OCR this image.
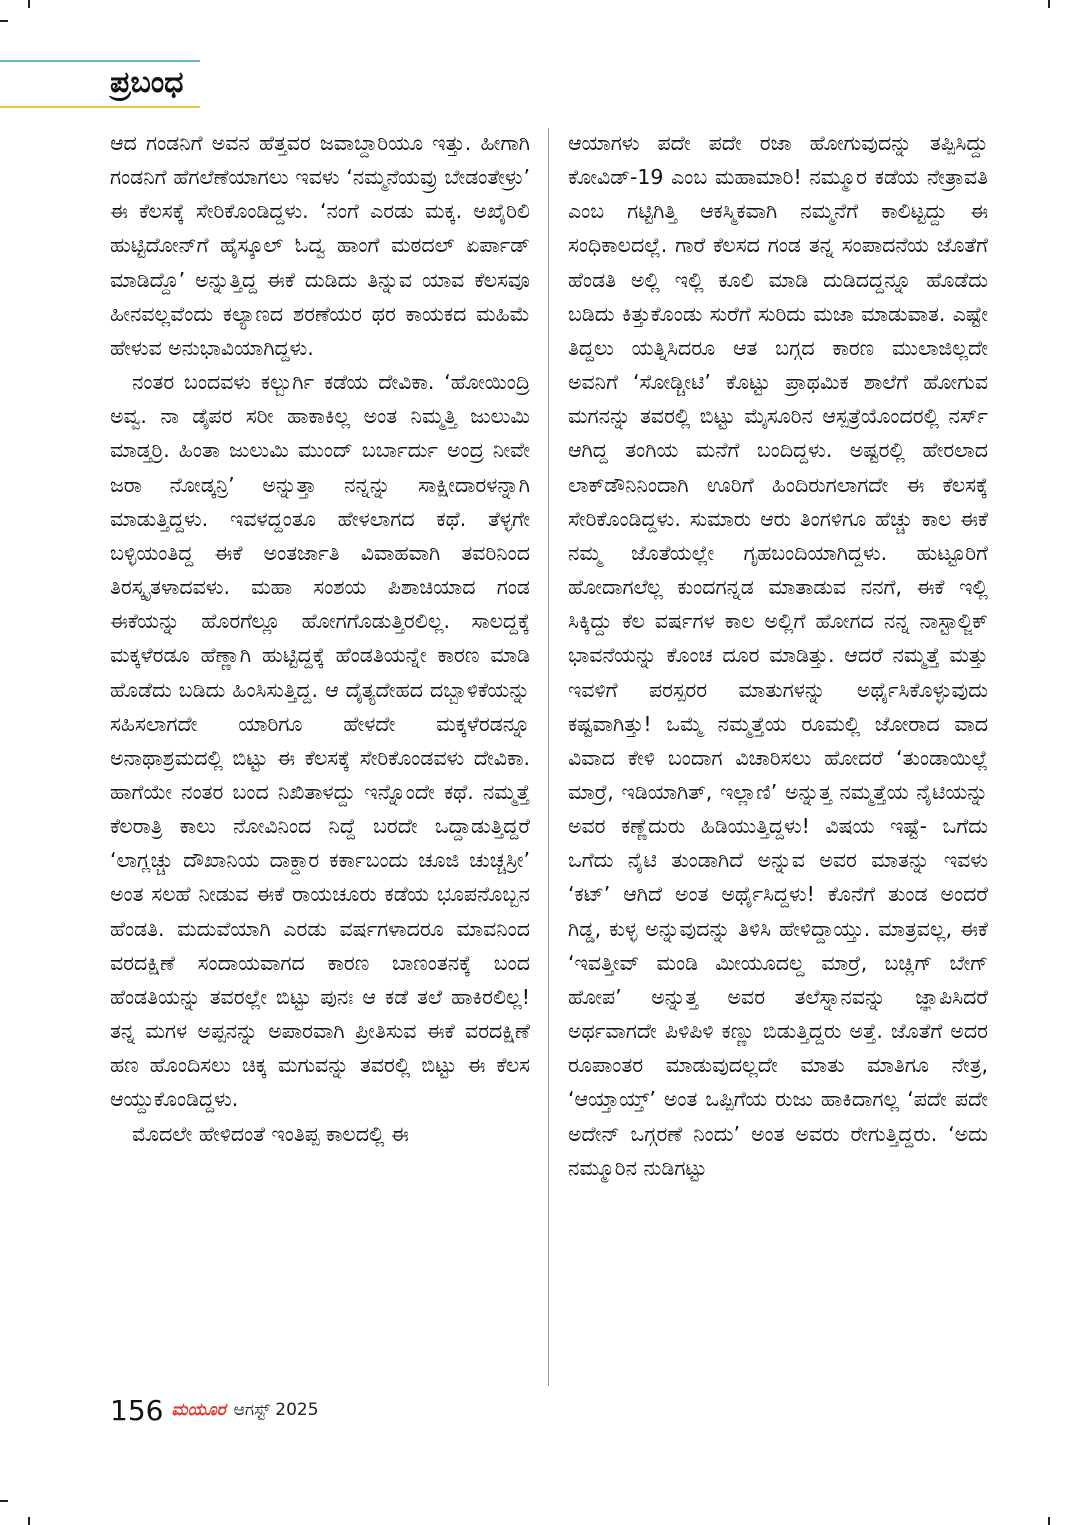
ಪ್ರಬಂಧ

ಆದ ಗಂಡನಿಗೆ ಅವನ ಹೆತ್ತವರ ಜವಾಬ್ದಾರಿಯೂ ಇತ್ತು. ಹೀಗಾಗಿ ಗಂಡನಿಗೆ ಹೆಗಲೆಣೆಯಾಗಲು ಇವಳು ‘ನಮ್ಮನೆಯವ್ರು ಬೇಡಂತೇಳ್ರು’ ಈ ಕೆಲಸಕ್ಕೆ ಸೇರಿಕೊಂಡಿದ್ದಳು. ‘ನಂಗೆ ಎರಡು ಮಕ್ಕ. ಅಖೈರಿಲಿ ಹುಟ್ಟಿದೋನ್‌ಗೆ ಹೈಸ್ಕೂಲ್ ಓದ್ವ ಹಾಂಗೆ ಮಠದಲ್ ಏರ್ಪಾಡ್ ಮಾಡಿದ್ದೊ’ ಅನ್ನುತ್ತಿದ್ದ ಈಕೆ ದುಡಿದು ತಿನ್ನುವ ಯಾವ ಕೆಲಸವೂ ಹೀನವಲ್ಲವೆಂದು ಕಲ್ಯಾಣದ ಶರಣೆಯರ ಥರ ಕಾಯಕದ ಮಹಿಮೆ ಹೇಳುವ ಅನುಭಾವಿಯಾಗಿದ್ದಳು.

ನಂತರ ಬಂದವಳು ಕಲ್ಬುರ್ಗಿ ಕಡೆಯ ದೇವಿಕಾ. ‘ಹೋಯಿಂದ್ರಿ ಅವ್ವ. ನಾ ಡೈಪರ ಸರೀ ಹಾಕಾಕಿಲ್ಲ ಅಂತ ನಿಮ್ಮತ್ತಿ ಜುಲುಮಿ ಮಾಡ್ತರ್ರಿ. ಹಿಂತಾ ಜುಲುಮಿ ಮುಂದ್ ಬರ್ಬಾರ್ದು ಅಂದ್ರ ನೀವೇ ಜರಾ ನೋಡ್ಕನ್ರಿ’ ಅನ್ನುತ್ತಾ ನನ್ನನ್ನು ಸಾಕ್ಷೀದಾರಳನ್ನಾಗಿ ಮಾಡುತ್ತಿದ್ದಳು. ಇವಳದ್ದಂತೂ ಹೇಳಲಾಗದ ಕಥೆ. ತೆಳ್ಳಗೇ ಬಳ್ಳಿಯಂತಿದ್ದ ಈಕೆ ಅಂತರ್ಜಾತಿ ವಿವಾಹವಾಗಿ ತವರಿನಿಂದ ತಿರಸ್ಕೃತಳಾದವಳು. ಮಹಾ ಸಂಶಯ ಪಿಶಾಚಿಯಾದ ಗಂಡ ಈಕೆಯನ್ನು ಹೊರಗೆಲ್ಲೂ ಹೋಗಗೊಡುತ್ತಿರಲಿಲ್ಲ. ಸಾಲದ್ದಕ್ಕೆ ಮಕ್ಕಳೆರಡೂ ಹೆಣ್ಣಾಗಿ ಹುಟ್ಟಿದ್ದಕ್ಕೆ ಹೆಂಡತಿಯನ್ನೇ ಕಾರಣ ಮಾಡಿ ಹೊಡೆದು ಬಡಿದು ಹಿಂಸಿಸುತ್ತಿದ್ದ. ಆ ದೈತ್ಯದೇಹದ ದಬ್ಬಾಳಿಕೆಯನ್ನು ಸಹಿಸಲಾಗದೇ ಯಾರಿಗೂ ಹೇಳದೇ ಮಕ್ಕಳೆರಡನ್ನೂ ಅನಾಥಾಶ್ರಮದಲ್ಲಿ ಬಿಟ್ಟು ಈ ಕೆಲಸಕ್ಕೆ ಸೇರಿಕೊಂಡವಳು ದೇವಿಕಾ. ಹಾಗೆಯೇ ನಂತರ ಬಂದ ನಿಖಿತಾಳದ್ದು ಇನ್ನೊಂದೇ ಕಥೆ. ನಮ್ಮತ್ತೆ ಕೆಲರಾತ್ರಿ ಕಾಲು ನೋವಿನಿಂದ ನಿದ್ದೆ ಬರದೇ ಒದ್ದಾಡುತ್ತಿದ್ದರೆ ‘ಲಾಗ್ಲಚ್ಚು ದೌಖಾನಿಯ ದಾಕ್ದಾರ ಕರ್ಕಾಬಂದು ಚೂಜಿ ಚುಚ್ಚಸ್ರೀ’ ಅಂತ ಸಲಹೆ ನೀಡುವ ಈಕೆ ರಾಯಚೂರು ಕಡೆಯ ಭೂಪನೊಬ್ಬನ ಹೆಂಡತಿ. ಮದುವೆಯಾಗಿ ಎರಡು ವರ್ಷಗಳಾದರೂ ಮಾವನಿಂದ ವರದಕ್ಷಿಣೆ ಸಂದಾಯವಾಗದ ಕಾರಣ ಬಾಣಂತನಕ್ಕೆ ಬಂದ ಹೆಂಡತಿಯನ್ನು ತವರಲ್ಲೇ ಬಿಟ್ಟು ಪುನಃ ಆ ಕಡೆ ತಲೆ ಹಾಕಿರಲಿಲ್ಲ! ತನ್ನ ಮಗಳ ಅಪ್ಪನನ್ನು ಅಪಾರವಾಗಿ ಪ್ರೀತಿಸುವ ಈಕೆ ವರದಕ್ಷಿಣೆ ಹಣ ಹೊಂದಿಸಲು ಚಿಕ್ಕ ಮಗುವನ್ನು ತವರಲ್ಲಿ ಬಿಟ್ಟು ಈ ಕೆಲಸ ಆಯ್ದುಕೊಂಡಿದ್ದಳು.

ಮೊದಲೇ ಹೇಳಿದಂತೆ ಇಂತಿಪ್ಪ ಕಾಲದಲ್ಲಿ ಈ

ಆಯಾಗಳು ಪದೇ ಪದೇ ರಜಾ ಹೋಗುವುದನ್ನು ತಪ್ಪಿಸಿದ್ದು ಕೋವಿಡ್-19 ಎಂಬ ಮಹಾಮಾರಿ! ನಮ್ಮೂರ ಕಡೆಯ ನೇತ್ರಾವತಿ ಎಂಬ ಗಟ್ಟಿಗಿತ್ತಿ ಆಕಸ್ಮಿಕವಾಗಿ ನಮ್ಮನೆಗೆ ಕಾಲಿಟ್ಟದ್ದು ಈ ಸಂಧಿಕಾಲದಲ್ಲೆ. ಗಾರೆ ಕೆಲಸದ ಗಂಡ ತನ್ನ ಸಂಪಾದನೆಯ ಜೊತೆಗೆ ಹೆಂಡತಿ ಅಲ್ಲಿ ಇಲ್ಲಿ ಕೂಲಿ ಮಾಡಿ ದುಡಿದದ್ದನ್ನೂ ಹೊಡೆದು ಬಡಿದು ಕಿತ್ತುಕೊಂಡು ಸುರೆಗೆ ಸುರಿದು ಮಜಾ ಮಾಡುವಾತ. ಎಷ್ಟೇ ತಿದ್ದಲು ಯತ್ನಿಸಿದರೂ ಆತ ಬಗ್ಗದ ಕಾರಣ ಮುಲಾಜಿಲ್ಲದೇ ಅವನಿಗೆ ‘ಸೋಡ್ಚೀಟಿ’ ಕೊಟ್ಟು ಪ್ರಾಥಮಿಕ ಶಾಲೆಗೆ ಹೋಗುವ ಮಗನನ್ನು ತವರಲ್ಲಿ ಬಿಟ್ಟು ಮೈಸೂರಿನ ಆಸ್ಪತ್ರೆಯೊಂದರಲ್ಲಿ ನರ್ಸ್ ಆಗಿದ್ದ ತಂಗಿಯ ಮನೆಗೆ ಬಂದಿದ್ದಳು. ಅಷ್ಟರಲ್ಲಿ ಹೇರಲಾದ ಲಾಕ್‌ಡೌನಿನಿಂದಾಗಿ ಊರಿಗೆ ಹಿಂದಿರುಗಲಾಗದೇ ಈ ಕೆಲಸಕ್ಕೆ ಸೇರಿಕೊಂಡಿದ್ದಳು. ಸುಮಾರು ಆರು ತಿಂಗಳಿಗೂ ಹೆಚ್ಚು ಕಾಲ ಈಕೆ ನಮ್ಮ ಜೊತೆಯಲ್ಲೇ ಗೃಹಬಂದಿಯಾಗಿದ್ದಳು. ಹುಟ್ಟೂರಿಗೆ ಹೋದಾಗಲೆಲ್ಲ ಕುಂದಗನ್ನಡ ಮಾತಾಡುವ ನನಗೆ, ಈಕೆ ಇಲ್ಲಿ ಸಿಕ್ಕಿದ್ದು ಕೆಲ ವರ್ಷಗಳ ಕಾಲ ಅಲ್ಲಿಗೆ ಹೋಗದ ನನ್ನ ನಾಸ್ಟಾಲ್ಜಿಕ್ ಭಾವನೆಯನ್ನು ಕೊಂಚ ದೂರ ಮಾಡಿತ್ತು. ಆದರೆ ನಮ್ಮತ್ತೆ ಮತ್ತು ಇವಳಿಗೆ ಪರಸ್ಪರರ ಮಾತುಗಳನ್ನು ಅರ್ಥೈಸಿಕೊಳ್ಳುವುದು ಕಷ್ಟವಾಗಿತ್ತು! ಒಮ್ಮೆ ನಮ್ಮತ್ತೆಯ ರೂಮಲ್ಲಿ ಜೋರಾದ ವಾದ ವಿವಾದ ಕೇಳಿ ಬಂದಾಗ ವಿಚಾರಿಸಲು ಹೋದರೆ ‘ತುಂಡಾಯಿಲ್ಲೆ ಮಾರ್ರೆ, ಇಡಿಯಾಗಿತ್, ಇಲ್ಲಾಣಿ’ ಅನ್ನುತ್ತ ನಮ್ಮತ್ತೆಯ ನೈಟಿಯನ್ನು ಅವರ ಕಣ್ಣೆದುರು ಹಿಡಿಯುತ್ತಿದ್ದಳು! ವಿಷಯ ಇಷ್ಟೆ- ಒಗೆದು ಒಗೆದು ನೈಟಿ ತುಂಡಾಗಿದೆ ಅನ್ನುವ ಅವರ ಮಾತನ್ನು ಇವಳು ‘ಕಟ್’ ಆಗಿದೆ ಅಂತ ಅರ್ಥೈಸಿದ್ದಳು! ಕೊನೆಗೆ ತುಂಡ ಅಂದರೆ ಗಿಡ್ಡ, ಕುಳ್ಳ ಅನ್ನುವುದನ್ನು ತಿಳಿಸಿ ಹೇಳಿದ್ದಾಯ್ತು. ಮಾತ್ರವಲ್ಲ, ಈಕೆ ‘ಇವತ್ತೀವ್ ಮಂಡಿ ಮೀಯೂದಲ್ದ ಮಾರ್ರೆ, ಬಚ್ಲಿಗ್ ಬೇಗ್ ಹೋಪ’ ಅನ್ನುತ್ತ ಅವರ ತಲೆಸ್ನಾನವನ್ನು ಜ್ಞಾಪಿಸಿದರೆ ಅರ್ಥವಾಗದೇ ಪಿಳಿಪಿಳಿ ಕಣ್ಣು ಬಿಡುತ್ತಿದ್ದರು ಅತ್ತೆ. ಜೊತೆಗೆ ಅದರ ರೂಪಾಂತರ ಮಾಡುವುದಲ್ಲದೇ ಮಾತು ಮಾತಿಗೂ ನೇತ್ರ, ‘ಆಯ್ತಾಯ್ತ್’ ಅಂತ ಒಪ್ಪಿಗೆಯ ರುಜು ಹಾಕಿದಾಗಲ್ಲ ‘ಪದೇ ಪದೇ ಅದೇನ್ ಒಗ್ಗರಣೆ ನಿಂದು’ ಅಂತ ಅವರು ರೇಗುತ್ತಿದ್ದರು. ‘ಅದು ನಮ್ಮೂರಿನ ನುಡಿಗಟ್ಟು

156 ಮಯೂರ ಆಗಸ್ಟ್ 2025
